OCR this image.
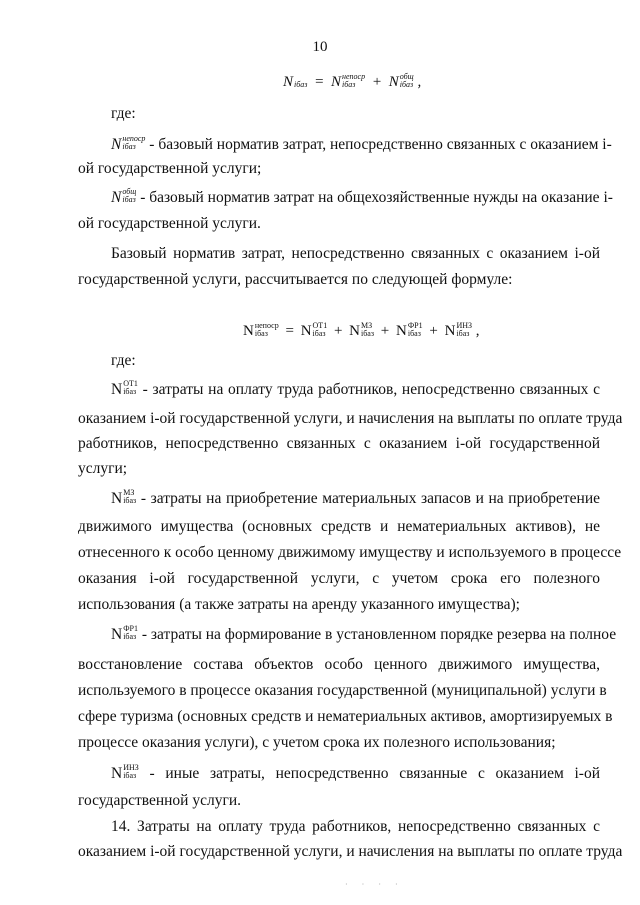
10
N
iбаз = N непоср
iбаз	+ N общ
iбаз ,
где:
N непоср
iбаз - базовый норматив затрат, непосредственно связанных с оказанием i-
ой государственной услуги;
N общ
iбаз - базовый норматив затрат на общехозяйственные нужды на оказание i-
ой государственной услуги.
Базовый норматив затрат, непосредственно связанных с оказанием i-ой
государственной услуги, рассчитывается по следующей формуле:
N непоср
iбаз	= N ОТ1
iбаз + N МЗ
iбаз + N ФР1
iбаз + N ИНЗ
iбаз ,
где:
N ОТ1
iбаз - затраты на оплату труда работников, непосредственно связанных с
оказанием i-ой государственной услуги, и начисления на выплаты по оплате труда
работников, непосредственно связанных с оказанием i-ой государственной
услуги;
N МЗ
iбаз - затраты на приобретение материальных запасов и на приобретение
движимого имущества (основных средств и нематериальных активов), не
отнесенного к особо ценному движимому имуществу и используемого в процессе
оказания i-ой государственной услуги, с учетом срока его полезного
использования (а также затраты на аренду указанного имущества);
N ФР1
iбаз - затраты на формирование в установленном порядке резерва на полное
восстановление состава объектов особо ценного движимого имущества,
используемого в процессе оказания государственной (муниципальной) услуги в
сфере туризма (основных средств и нематериальных активов, амортизируемых в
процессе оказания услуги), с учетом срока их полезного использования;
N ИНЗ
iбаз - иные затраты, непосредственно связанные с оказанием i-ой
государственной услуги.
14. Затраты на оплату труда работников, непосредственно связанных с
оказанием i-ой государственной услуги, и начисления на выплаты по оплате труда
· · · ·
